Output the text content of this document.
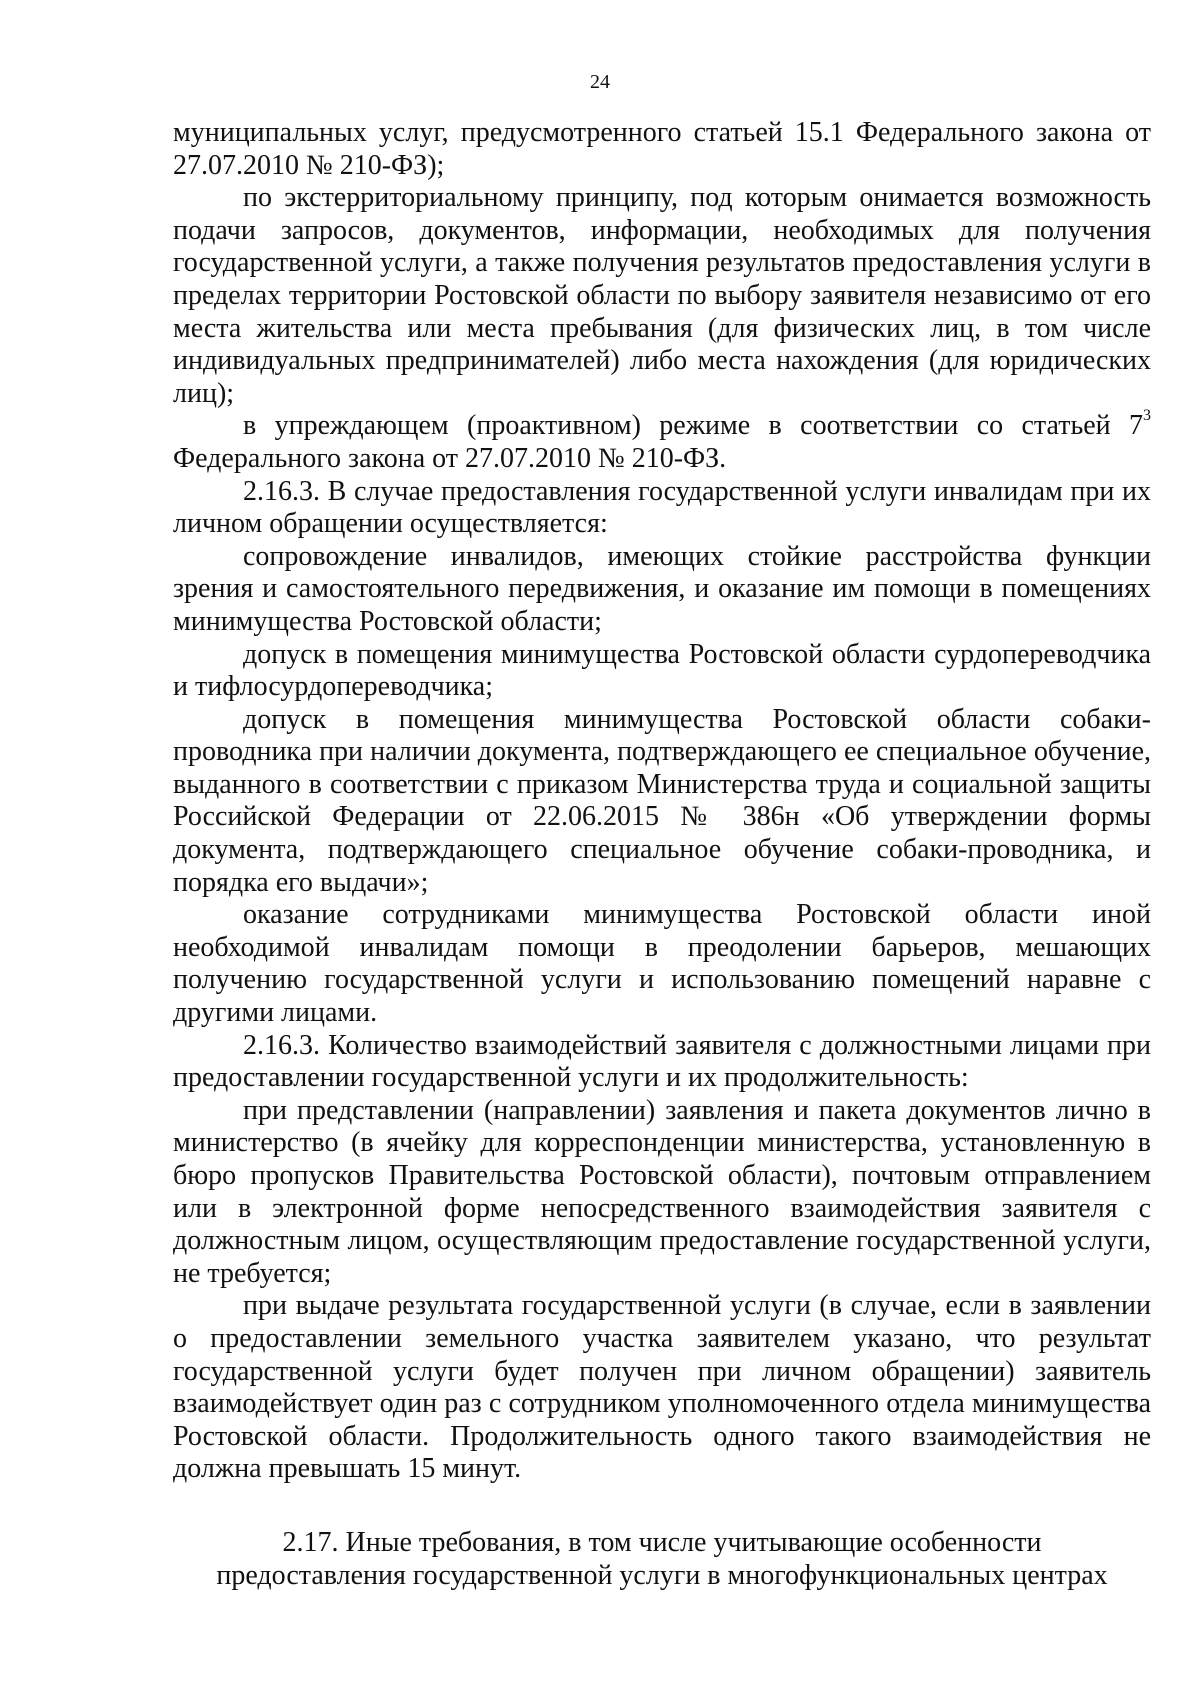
24

муниципальных услуг, предусмотренного статьей 15.1 Федерального закона от 27.07.2010 № 210-ФЗ);

по экстерриториальному принципу, под которым онимается возможность подачи запросов, документов, информации, необходимых для получения государственной услуги, а также получения результатов предоставления услуги в пределах территории Ростовской области по выбору заявителя независимо от его места жительства или места пребывания (для физических лиц, в том числе индивидуальных предпринимателей) либо места нахождения (для юридических лиц);

в упреждающем (проактивном) режиме в соответствии со статьей $7^3$ Федерального закона от 27.07.2010 № 210-ФЗ.

2.16.3. В случае предоставления государственной услуги инвалидам при их личном обращении осуществляется:

сопровождение инвалидов, имеющих стойкие расстройства функции зрения и самостоятельного передвижения, и оказание им помощи в помещениях минимущества Ростовской области;

допуск в помещения минимущества Ростовской области сурдопереводчика и тифлосурдопереводчика;

допуск в помещения минимущества Ростовской области собаки-проводника при наличии документа, подтверждающего ее специальное обучение, выданного в соответствии с приказом Министерства труда и социальной защиты Российской Федерации от 22.06.2015 № 386н «Об утверждении формы документа, подтверждающего специальное обучение собаки-проводника, и порядка его выдачи»;

оказание сотрудниками минимущества Ростовской области иной необходимой инвалидам помощи в преодолении барьеров, мешающих получению государственной услуги и использованию помещений наравне с другими лицами.

2.16.3. Количество взаимодействий заявителя с должностными лицами при предоставлении государственной услуги и их продолжительность:

при представлении (направлении) заявления и пакета документов лично в министерство (в ячейку для корреспонденции министерства, установленную в бюро пропусков Правительства Ростовской области), почтовым отправлением или в электронной форме непосредственного взаимодействия заявителя с должностным лицом, осуществляющим предоставление государственной услуги, не требуется;

при выдаче результата государственной услуги (в случае, если в заявлении о предоставлении земельного участка заявителем указано, что результат государственной услуги будет получен при личном обращении) заявитель взаимодействует один раз с сотрудником уполномоченного отдела минимущества Ростовской области. Продолжительность одного такого взаимодействия не должна превышать 15 минут.

2.17. Иные требования, в том числе учитывающие особенности
предоставления государственной услуги в многофункциональных центрах
